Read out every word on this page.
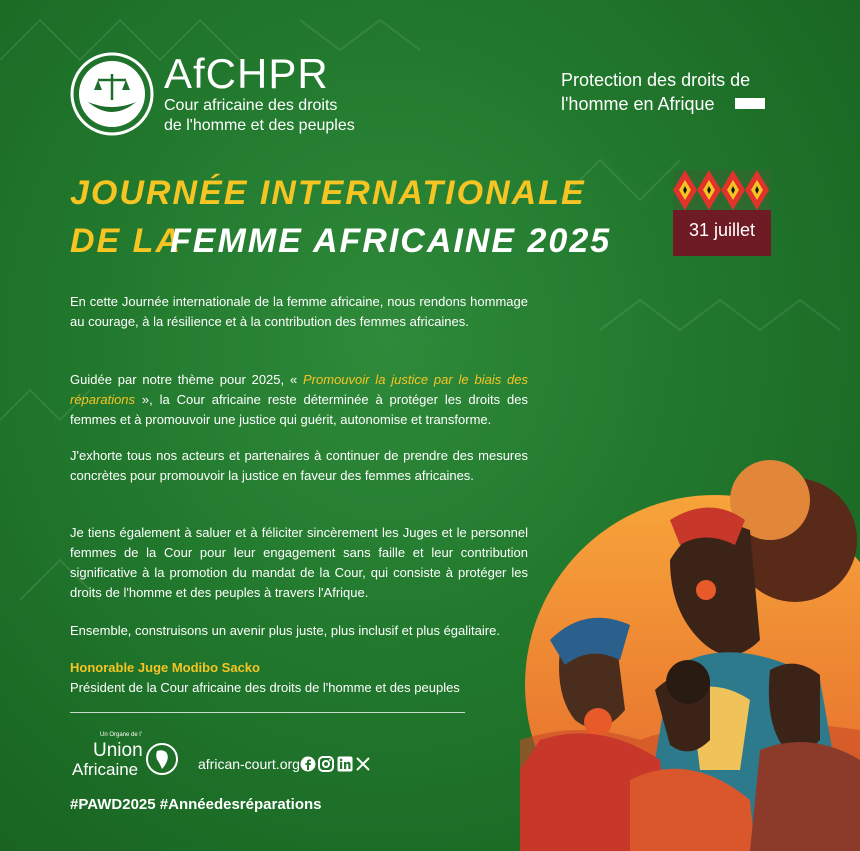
AfCHPR
Cour africaine des droits
de l'homme et des peuples
Protection des droits de
l'homme en Afrique
JOURNÉE INTERNATIONALE
DE LA
FEMME AFRICAINE 2025	31 juillet
En cette Journée internationale de la femme africaine, nous rendons hommage au courage, à la résilience et à la contribution des femmes africaines.
Guidée par notre thème pour 2025, « Promouvoir la justice par le biais des réparations », la Cour africaine reste déterminée à protéger les droits des femmes et à promouvoir une justice qui guérit, autonomise et transforme.
J'exhorte tous nos acteurs et partenaires à continuer de prendre des mesures concrètes pour promouvoir la justice en faveur des femmes africaines.
Je tiens également à saluer et à féliciter sincèrement les Juges et le personnel femmes de la Cour pour leur engagement sans faille et leur contribution significative à la promotion du mandat de la Cour, qui consiste à protéger les droits de l'homme et des peuples à travers l'Afrique.
Ensemble, construisons un avenir plus juste, plus inclusif et plus égalitaire.
Honorable Juge Modibo Sacko
Président de la Cour africaine des droits de l'homme et des peuples
Un Organe de l'
Union
Africaine	african-court.org
#PAWD2025 #Annéedesréparations
